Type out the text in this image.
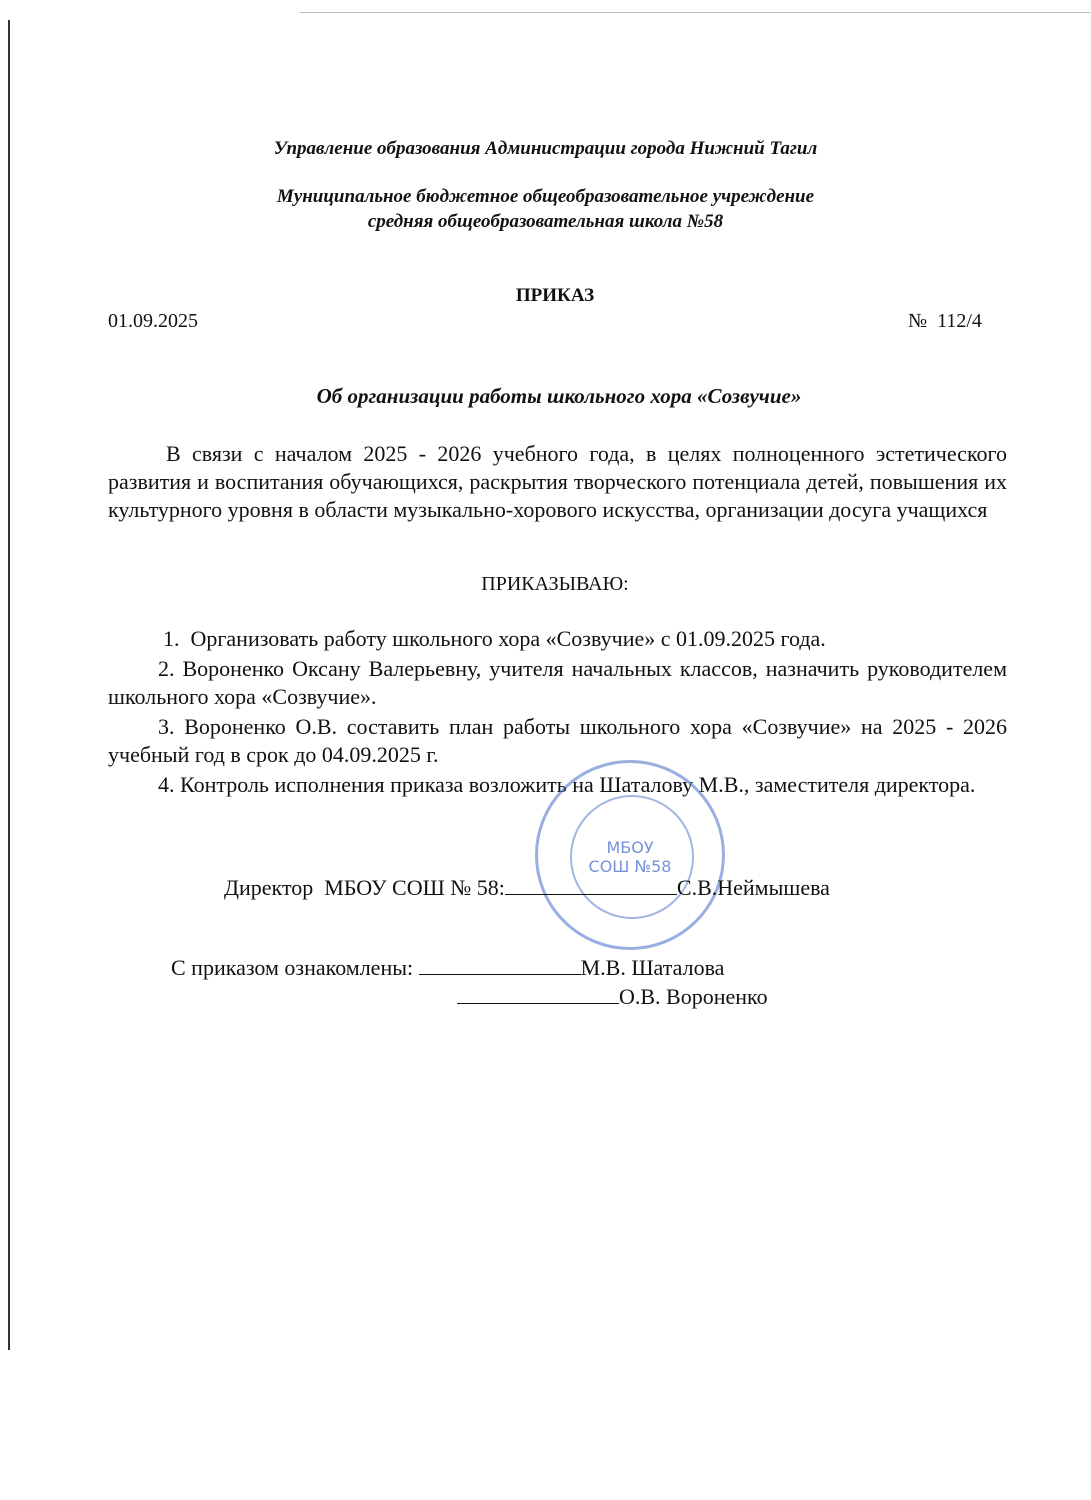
Управление образования Администрации города Нижний Тагил
Муниципальное бюджетное общеобразовательное учреждение
средняя общеобразовательная школа №58
ПРИКАЗ
01.09.2025	№  112/4
Об организации работы школьного хора «Созвучие»
В связи с началом 2025 - 2026 учебного года, в целях полноценного эстетического развития и воспитания обучающихся, раскрытия творческого потенциала детей, повышения их культурного уровня в области музыкально-хорового искусства, организации досуга учащихся
ПРИКАЗЫВАЮ:
1.  Организовать работу школьного хора «Созвучие» с 01.09.2025 года.
2. Вороненко Оксану Валерьевну, учителя начальных классов, назначить руководителем школьного хора «Созвучие».
3. Вороненко О.В. составить план работы школьного хора «Созвучие» на 2025 - 2026 учебный год в срок до 04.09.2025 г.
4. Контроль исполнения приказа возложить на Шаталову М.В., заместителя директора.
МБОУ
СОШ №58

Директор  МБОУ СОШ № 58:	С.В.Неймышева

С приказом ознакомлены:	М.В. Шаталова

О.В. Вороненко
